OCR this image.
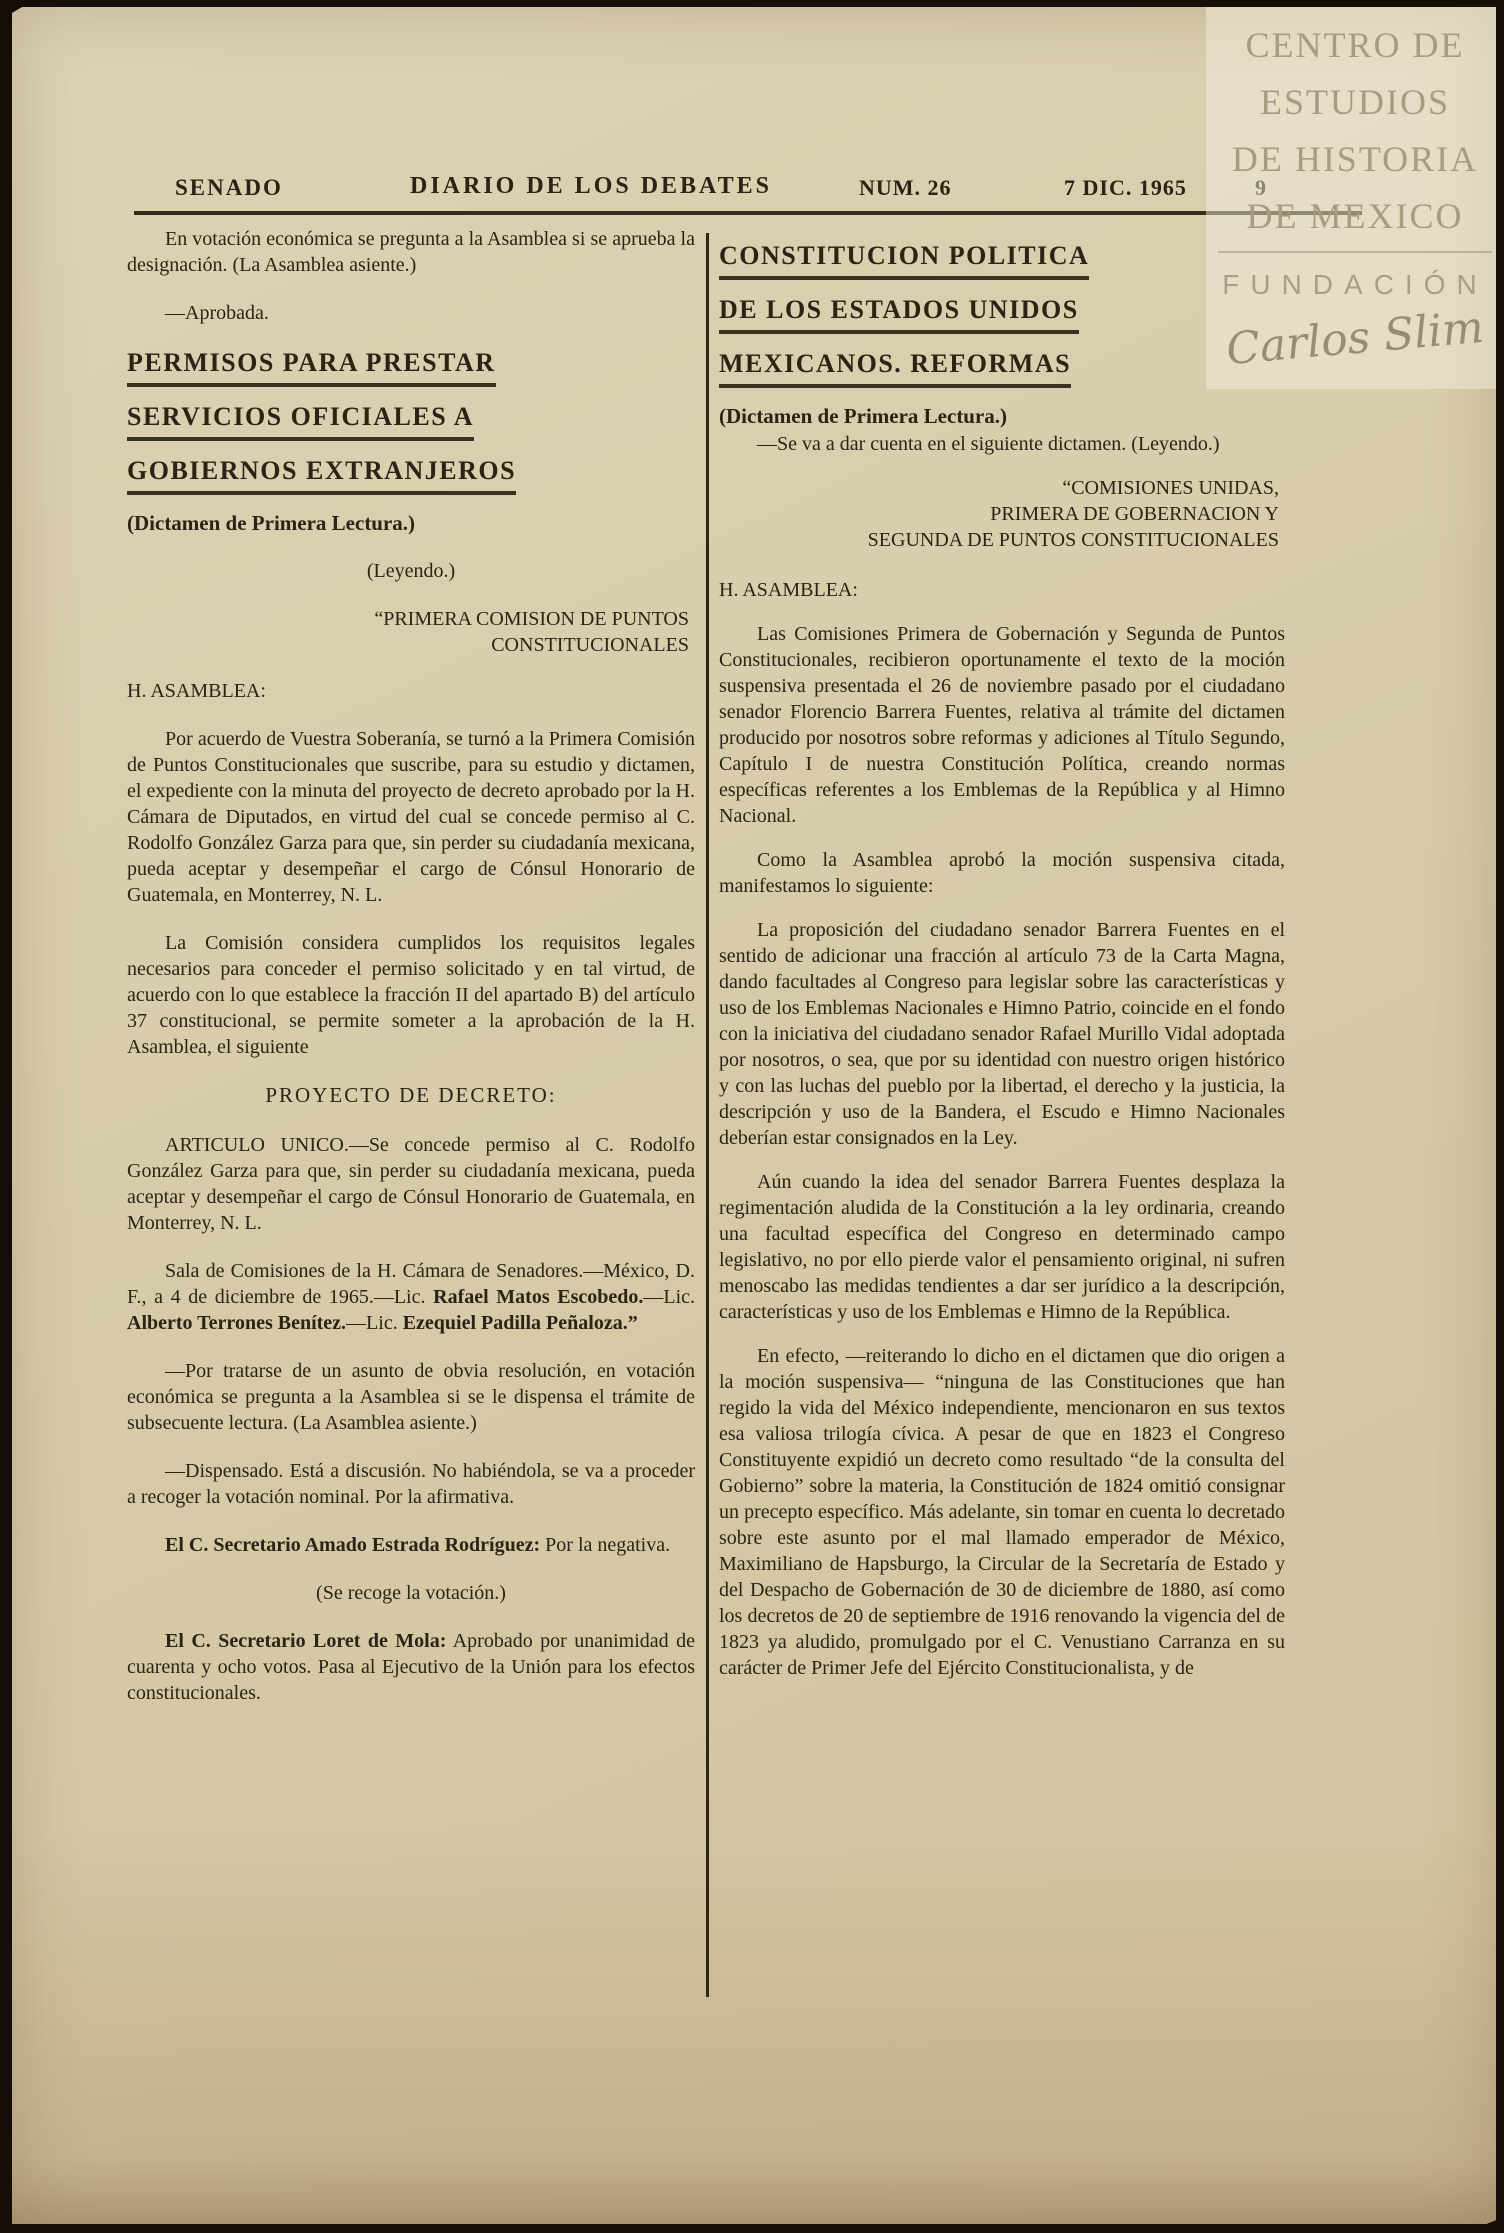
SENADO	DIARIO DE LOS DEBATES	NUM. 26	7 DIC. 1965	9

En votación económica se pregunta a la Asamblea si se aprueba la designación. (La Asamblea asiente.)

—Aprobada.

PERMISOS PARA PRESTAR
SERVICIOS OFICIALES A
GOBIERNOS EXTRANJEROS

(Dictamen de Primera Lectura.)

(Leyendo.)

“PRIMERA COMISION DE PUNTOS
CONSTITUCIONALES

H. ASAMBLEA:

Por acuerdo de Vuestra Soberanía, se turnó a la Primera Comisión de Puntos Constitucionales que suscribe, para su estudio y dictamen, el expediente con la minuta del proyecto de decreto aprobado por la H. Cámara de Diputados, en virtud del cual se concede permiso al C. Rodolfo González Garza para que, sin perder su ciudadanía mexicana, pueda aceptar y desempeñar el cargo de Cónsul Honorario de Guatemala, en Monterrey, N. L.

La Comisión considera cumplidos los requisitos legales necesarios para conceder el permiso solicitado y en tal virtud, de acuerdo con lo que establece la fracción II del apartado B) del artículo 37 constitucional, se permite someter a la aprobación de la H. Asamblea, el siguiente

PROYECTO DE DECRETO:

ARTICULO UNICO.—Se concede permiso al C. Rodolfo González Garza para que, sin perder su ciudadanía mexicana, pueda aceptar y desempeñar el cargo de Cónsul Honorario de Guatemala, en Monterrey, N. L.

Sala de Comisiones de la H. Cámara de Senadores.—México, D. F., a 4 de diciembre de 1965.—Lic. Rafael Matos Escobedo.—Lic. Alberto Terrones Benítez.—Lic. Ezequiel Padilla Peñaloza.”

—Por tratarse de un asunto de obvia resolución, en votación económica se pregunta a la Asamblea si se le dispensa el trámite de subsecuente lectura. (La Asamblea asiente.)

—Dispensado. Está a discusión. No habiéndola, se va a proceder a recoger la votación nominal. Por la afirmativa.

El C. Secretario Amado Estrada Rodríguez: Por la negativa.

(Se recoge la votación.)

El C. Secretario Loret de Mola: Aprobado por unanimidad de cuarenta y ocho votos. Pasa al Ejecutivo de la Unión para los efectos constitucionales.

CONSTITUCION POLITICA
DE LOS ESTADOS UNIDOS
MEXICANOS. REFORMAS

(Dictamen de Primera Lectura.)

—Se va a dar cuenta en el siguiente dictamen. (Leyendo.)

“COMISIONES UNIDAS,
PRIMERA DE GOBERNACION Y
SEGUNDA DE PUNTOS CONSTITUCIONALES

H. ASAMBLEA:

Las Comisiones Primera de Gobernación y Segunda de Puntos Constitucionales, recibieron oportunamente el texto de la moción suspensiva presentada el 26 de noviembre pasado por el ciudadano senador Florencio Barrera Fuentes, relativa al trámite del dictamen producido por nosotros sobre reformas y adiciones al Título Segundo, Capítulo I de nuestra Constitución Política, creando normas específicas referentes a los Emblemas de la República y al Himno Nacional.

Como la Asamblea aprobó la moción suspensiva citada, manifestamos lo siguiente:

La proposición del ciudadano senador Barrera Fuentes en el sentido de adicionar una fracción al artículo 73 de la Carta Magna, dando facultades al Congreso para legislar sobre las características y uso de los Emblemas Nacionales e Himno Patrio, coincide en el fondo con la iniciativa del ciudadano senador Rafael Murillo Vidal adoptada por nosotros, o sea, que por su identidad con nuestro origen histórico y con las luchas del pueblo por la libertad, el derecho y la justicia, la descripción y uso de la Bandera, el Escudo e Himno Nacionales deberían estar consignados en la Ley.

Aún cuando la idea del senador Barrera Fuentes desplaza la regimentación aludida de la Constitución a la ley ordinaria, creando una facultad específica del Congreso en determinado campo legislativo, no por ello pierde valor el pensamiento original, ni sufren menoscabo las medidas tendientes a dar ser jurídico a la descripción, características y uso de los Emblemas e Himno de la República.

En efecto, —reiterando lo dicho en el dictamen que dio origen a la moción suspensiva— “ninguna de las Constituciones que han regido la vida del México independiente, mencionaron en sus textos esa valiosa trilogía cívica. A pesar de que en 1823 el Congreso Constituyente expidió un decreto como resultado “de la consulta del Gobierno” sobre la materia, la Constitución de 1824 omitió consignar un precepto específico. Más adelante, sin tomar en cuenta lo decretado sobre este asunto por el mal llamado emperador de México, Maximiliano de Hapsburgo, la Circular de la Secretaría de Estado y del Despacho de Gobernación de 30 de diciembre de 1880, así como los decretos de 20 de septiembre de 1916 renovando la vigencia del de 1823 ya aludido, promulgado por el C. Venustiano Carranza en su carácter de Primer Jefe del Ejército Constitucionalista, y de

CENTRO DE
ESTUDIOS
DE HISTORIA
DE MEXICO
FUNDACIÓN
Carlos Slim
